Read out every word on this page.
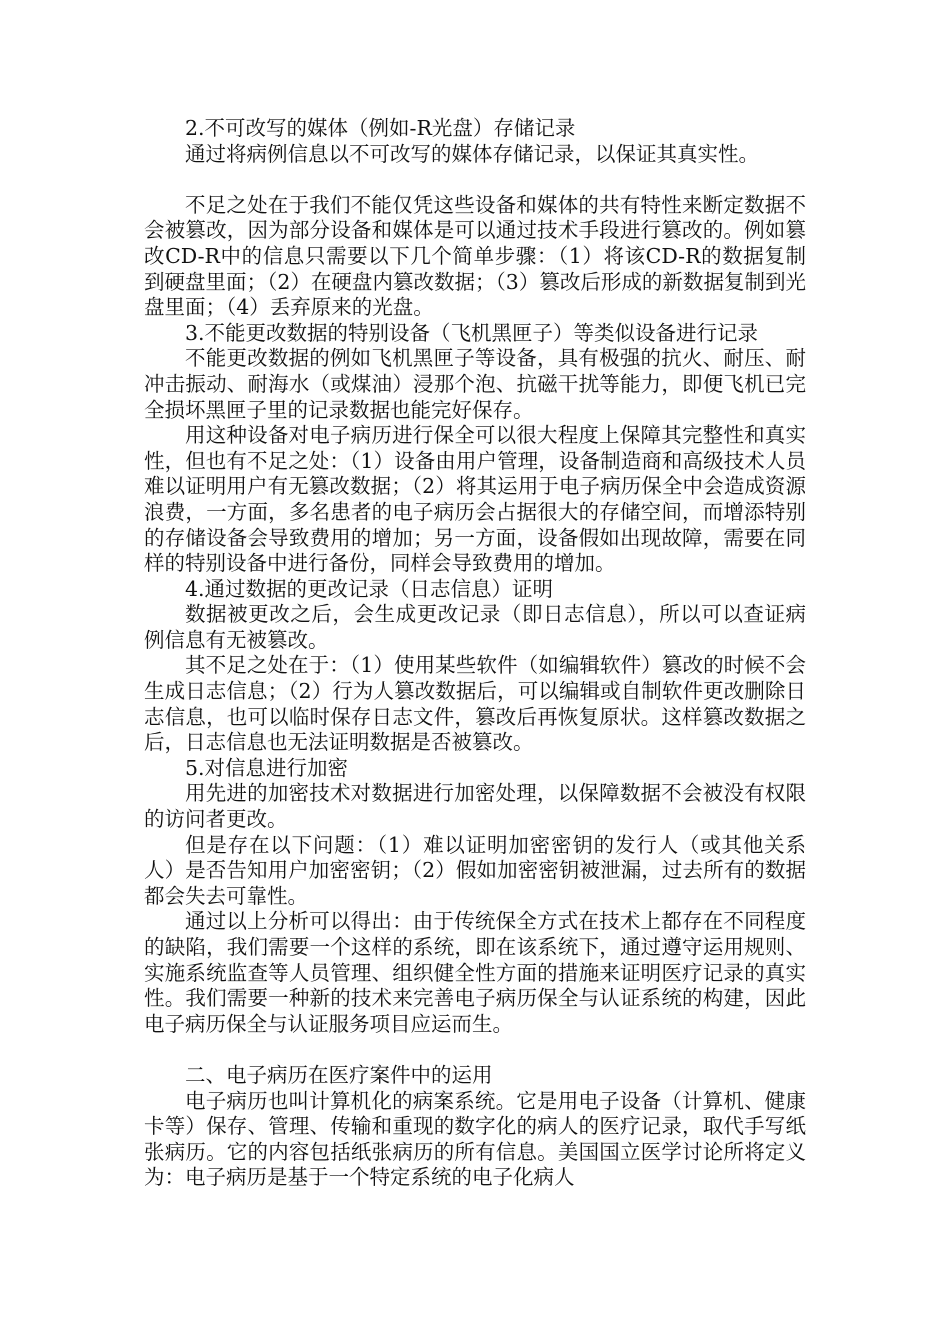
2.不可改写的媒体（例如-R光盘）存储记录

通过将病例信息以不可改写的媒体存储记录，以保证其真实性。

不足之处在于我们不能仅凭这些设备和媒体的共有特性来断定数据不会被篡改，因为部分设备和媒体是可以通过技术手段进行篡改的。例如篡改CD-R中的信息只需要以下几个简单步骤：（1）将该CD-R的数据复制到硬盘里面；（2）在硬盘内篡改数据；（3）篡改后形成的新数据复制到光盘里面；（4）丢弃原来的光盘。

3.不能更改数据的特别设备（飞机黑匣子）等类似设备进行记录

不能更改数据的例如飞机黑匣子等设备，具有极强的抗火、耐压、耐冲击振动、耐海水（或煤油）浸那个泡、抗磁干扰等能力，即便飞机已完全损坏黑匣子里的记录数据也能完好保存。

用这种设备对电子病历进行保全可以很大程度上保障其完整性和真实性，但也有不足之处：（1）设备由用户管理，设备制造商和高级技术人员难以证明用户有无篡改数据；（2）将其运用于电子病历保全中会造成资源浪费，一方面，多名患者的电子病历会占据很大的存储空间，而增添特别的存储设备会导致费用的增加；另一方面，设备假如出现故障，需要在同样的特别设备中进行备份，同样会导致费用的增加。

4.通过数据的更改记录（日志信息）证明

数据被更改之后，会生成更改记录（即日志信息），所以可以查证病例信息有无被篡改。

其不足之处在于：（1）使用某些软件（如编辑软件）篡改的时候不会生成日志信息；（2）行为人篡改数据后，可以编辑或自制软件更改删除日志信息，也可以临时保存日志文件，篡改后再恢复原状。这样篡改数据之后，日志信息也无法证明数据是否被篡改。

5.对信息进行加密

用先进的加密技术对数据进行加密处理，以保障数据不会被没有权限的访问者更改。

但是存在以下问题：（1）难以证明加密密钥的发行人（或其他关系人）是否告知用户加密密钥；（2）假如加密密钥被泄漏，过去所有的数据都会失去可靠性。

通过以上分析可以得出：由于传统保全方式在技术上都存在不同程度的缺陷，我们需要一个这样的系统，即在该系统下，通过遵守运用规则、实施系统监查等人员管理、组织健全性方面的措施来证明医疗记录的真实性。我们需要一种新的技术来完善电子病历保全与认证系统的构建，因此电子病历保全与认证服务项目应运而生。

二、电子病历在医疗案件中的运用

电子病历也叫计算机化的病案系统。它是用电子设备（计算机、健康卡等）保存、管理、传输和重现的数字化的病人的医疗记录，取代手写纸张病历。它的内容包括纸张病历的所有信息。美国国立医学讨论所将定义为：电子病历是基于一个特定系统的电子化病人
